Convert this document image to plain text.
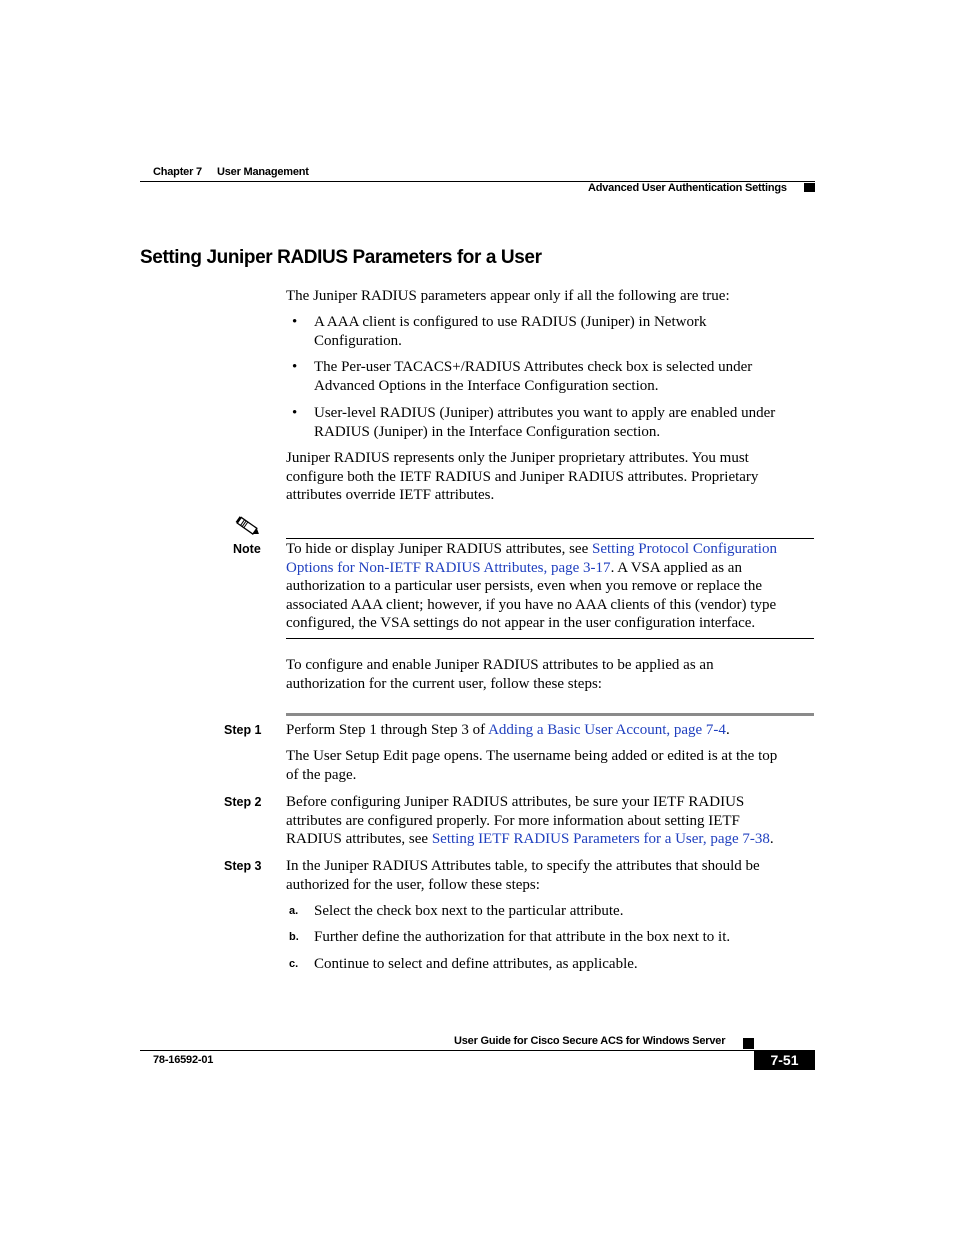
Chapter 7 User Management
Advanced User Authentication Settings
Setting Juniper RADIUS Parameters for a User
The Juniper RADIUS parameters appear only if all the following are true:
• A AAA client is configured to use RADIUS (Juniper) in Network
Configuration.
• The Per-user TACACS+/RADIUS Attributes check box is selected under
Advanced Options in the Interface Configuration section.
• User-level RADIUS (Juniper) attributes you want to apply are enabled under
RADIUS (Juniper) in the Interface Configuration section.
Juniper RADIUS represents only the Juniper proprietary attributes. You must
configure both the IETF RADIUS and Juniper RADIUS attributes. Proprietary
attributes override IETF attributes.
Note To hide or display Juniper RADIUS attributes, see Setting Protocol Configuration
Options for Non-IETF RADIUS Attributes, page 3-17. A VSA applied as an
authorization to a particular user persists, even when you remove or replace the
associated AAA client; however, if you have no AAA clients of this (vendor) type
configured, the VSA settings do not appear in the user configuration interface.
To configure and enable Juniper RADIUS attributes to be applied as an
authorization for the current user, follow these steps:
Step 1 Perform Step 1 through Step 3 of Adding a Basic User Account, page 7-4.
The User Setup Edit page opens. The username being added or edited is at the top
of the page.
Step 2 Before configuring Juniper RADIUS attributes, be sure your IETF RADIUS
attributes are configured properly. For more information about setting IETF
RADIUS attributes, see Setting IETF RADIUS Parameters for a User, page 7-38.
Step 3 In the Juniper RADIUS Attributes table, to specify the attributes that should be
authorized for the user, follow these steps:
a. Select the check box next to the particular attribute.
b. Further define the authorization for that attribute in the box next to it.
c. Continue to select and define attributes, as applicable.
User Guide for Cisco Secure ACS for Windows Server
78-16592-01	7-51
